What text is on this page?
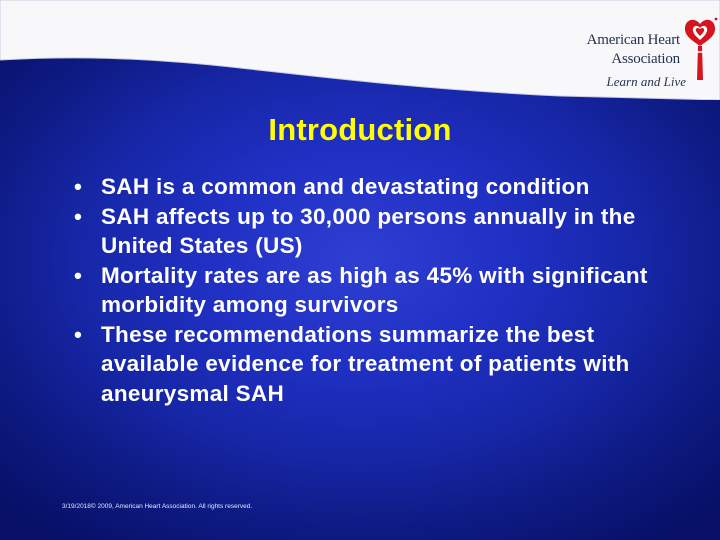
American Heart
Association
Learn and Live
Introduction
• SAH is a common and devastating condition
• SAH affects up to 30,000 persons annually in the United States (US)
• Mortality rates are as high as 45% with significant morbidity among survivors
• These recommendations summarize the best available evidence for treatment of patients with aneurysmal SAH
3/19/2018© 2009, American Heart Association. All rights reserved.
